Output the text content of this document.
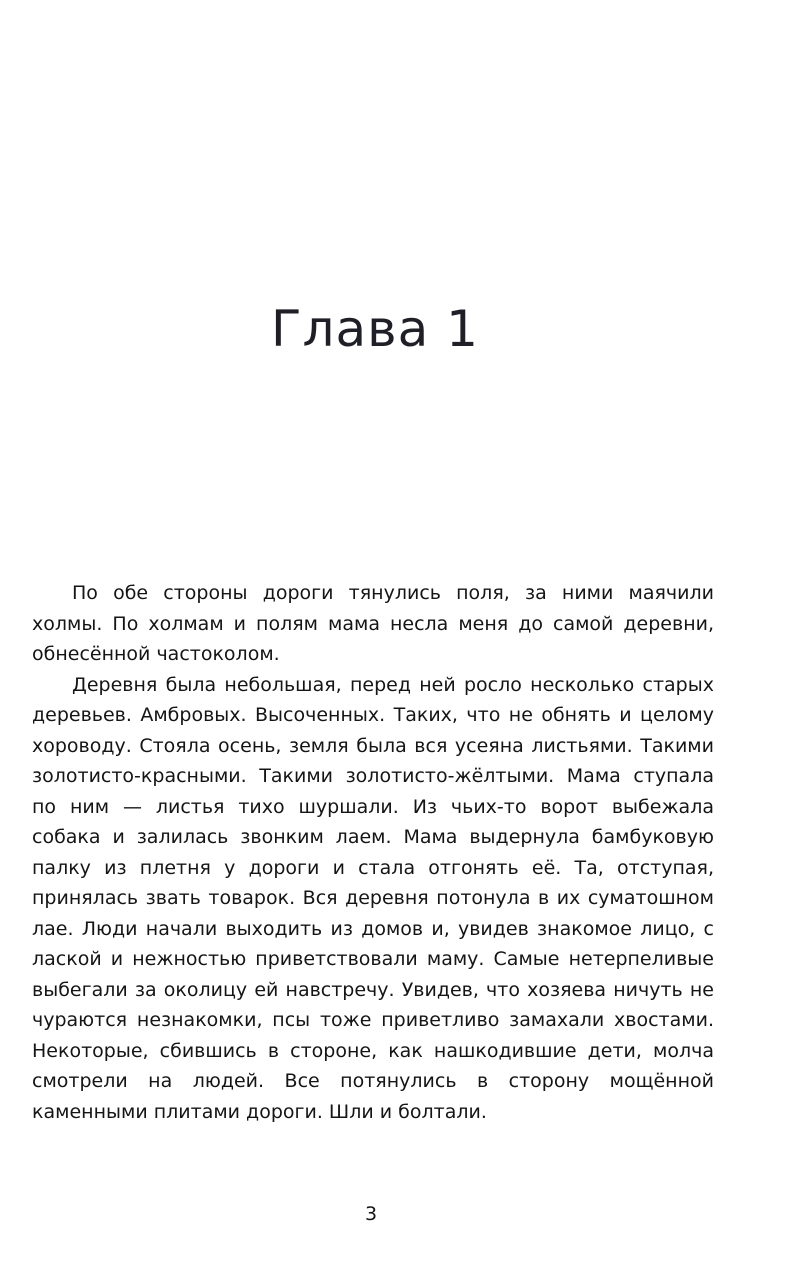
Глава 1

По обе стороны дороги тянулись поля, за ними маячили холмы. По холмам и полям мама несла меня до самой деревни, обнесённой частоколом.

Деревня была небольшая, перед ней росло несколько старых деревьев. Амбровых. Высоченных. Таких, что не обнять и целому хороводу. Стояла осень, земля была вся усеяна листьями. Такими золотисто-красными. Такими золотисто-жёлтыми. Мама ступала по ним — листья тихо шуршали. Из чьих-то ворот выбежала собака и залилась звонким лаем. Мама выдернула бамбуковую палку из плетня у дороги и стала отгонять её. Та, отступая, принялась звать товарок. Вся деревня потонула в их суматошном лае. Люди начали выходить из домов и, увидев знакомое лицо, с лаской и нежностью приветствовали маму. Самые нетерпеливые выбегали за околицу ей навстречу. Увидев, что хозяева ничуть не чураются незнакомки, псы тоже приветливо замахали хвостами. Некоторые, сбившись в стороне, как нашкодившие дети, молча смотрели на людей. Все потянулись в сторону мощённой каменными плитами дороги. Шли и болтали.

3
